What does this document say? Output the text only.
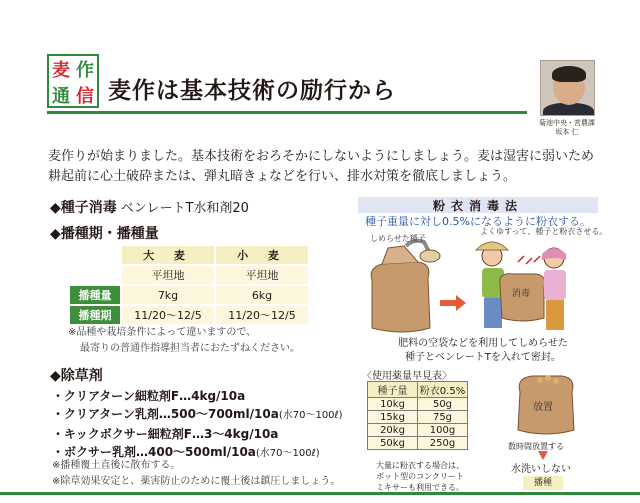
麦 作
通 信 麦作は基本技術の励行から
菊池中央・営農課
坂本 仁
麦作りが始まりました。基本技術をおろそかにしないようにしましょう。麦は湿害に弱いため
耕起前に心土破砕または、弾丸暗きょなどを行い、排水対策を徹底しましょう。
◆種子消毒 ベンレートT水和剤20
◆播種期・播種量
	大 麦	小 麦
	平坦地	平坦地
播種量	7kg	6kg
播種期	11/20～12/5	11/20～12/5
※品種や栽培条件によって違いますので、
最寄りの普通作指導担当者におたずねください。
◆除草剤
・クリアターン細粒剤F…4kg/10a
・クリアターン乳剤…500～700ml/10a(水70～100ℓ)
・キックボクサー細粒剤F…3～4kg/10a
・ボクサー乳剤…400～500ml/10a(水70～100ℓ)
※播種覆土直後に散布する。
※除草効果安定と、薬害防止のために覆土後は鎮圧しましょう。
粉衣消毒法
種子重量に対し0.5%になるように粉衣する。
しめらせた種子
よくゆすって、種子と粉衣させる。
消毒
肥料の空袋などを利用してしめらせた
種子とベンレートTを入れて密封。
〈使用薬量早見表〉
種子量	粉衣0.5%
10kg	50g
15kg	75g
20kg	100g
50kg	250g
大量に粉衣する場合は、
ポット型のコンクリート
ミキサーも利用できる。
放置
数時間放置する
水洗いしない
播種
